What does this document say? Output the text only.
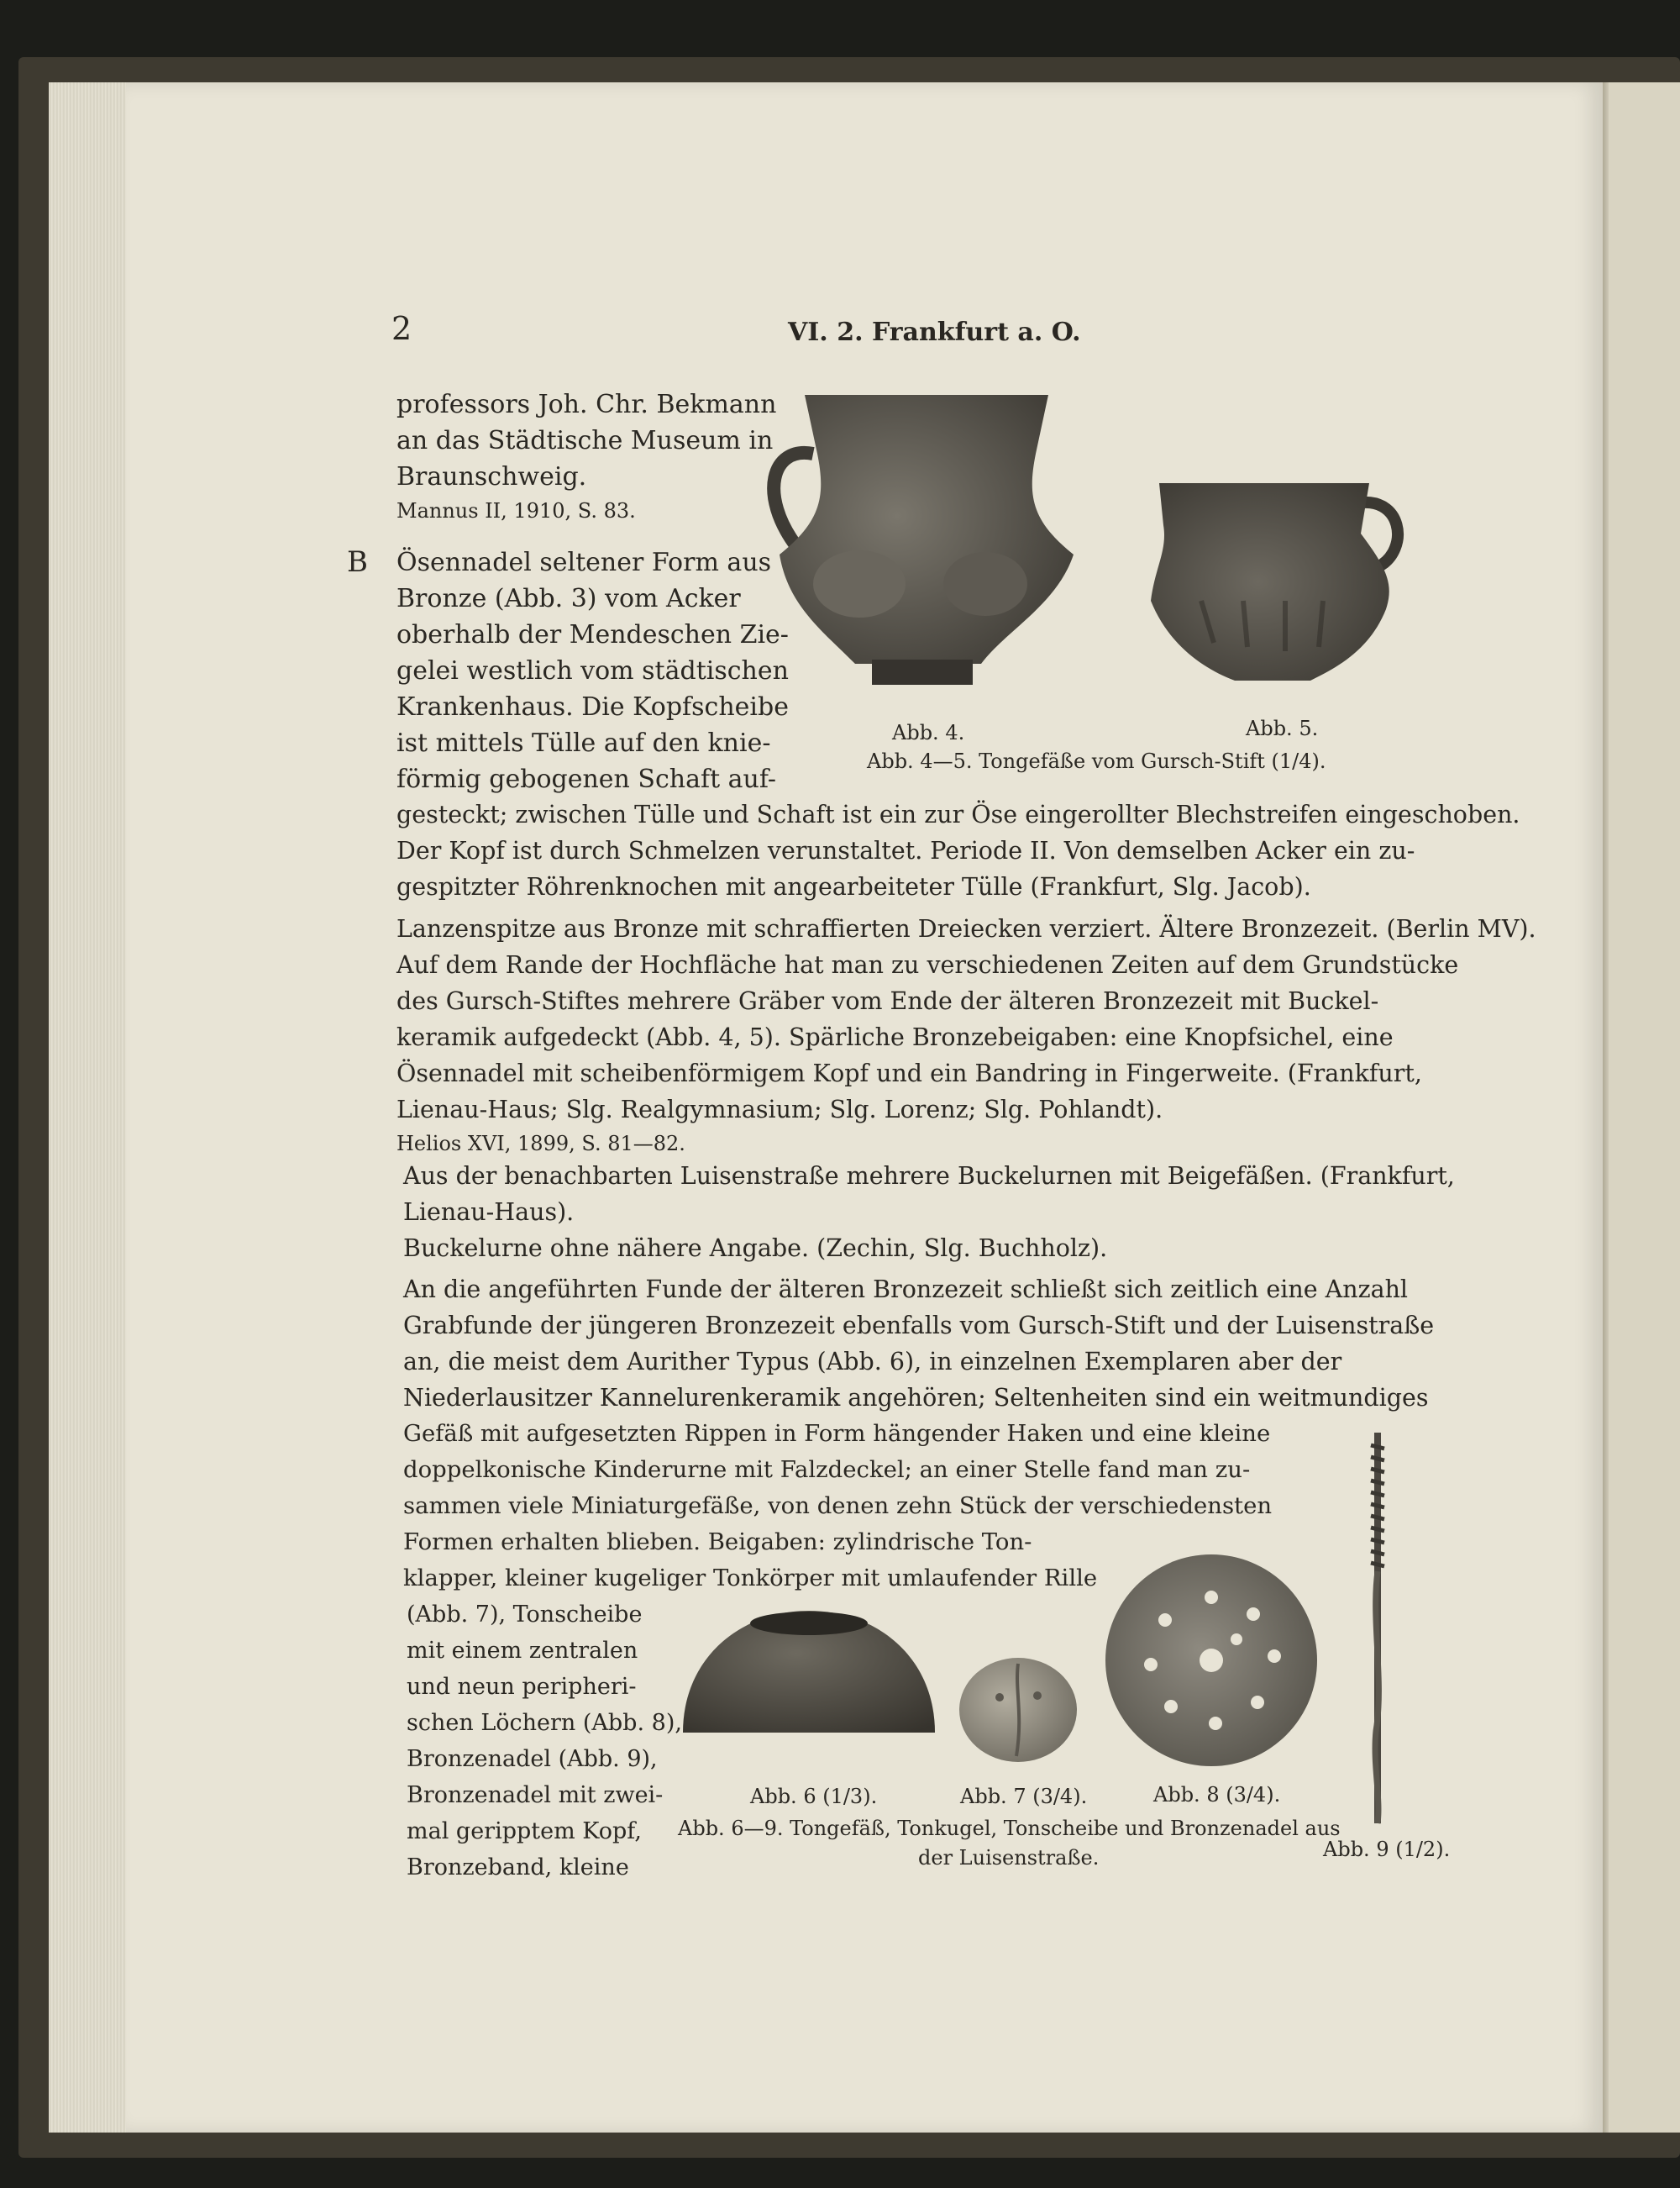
2	VI. 2. Frankfurt a. O.
B
professors Joh. Chr. Bekmann
an das Städtische Museum in
Braunschweig.
Mannus II, 1910, S. 83.
Ösennadel seltener Form aus
Bronze (Abb. 3) vom Acker
oberhalb der Mendeschen Zie-
gelei westlich vom städtischen
Krankenhaus. Die Kopfscheibe
ist mittels Tülle auf den knie-
förmig gebogenen Schaft auf-
gesteckt; zwischen Tülle und Schaft ist ein zur Öse eingerollter Blechstreifen eingeschoben.
Der Kopf ist durch Schmelzen verunstaltet. Periode II. Von demselben Acker ein zu-
gespitzter Röhrenknochen mit angearbeiteter Tülle (Frankfurt, Slg. Jacob).
Lanzenspitze aus Bronze mit schraffierten Dreiecken verziert. Ältere Bronzezeit. (Berlin MV).
Auf dem Rande der Hochfläche hat man zu verschiedenen Zeiten auf dem Grundstücke
des Gursch-Stiftes mehrere Gräber vom Ende der älteren Bronzezeit mit Buckel-
keramik aufgedeckt (Abb. 4, 5). Spärliche Bronzebeigaben: eine Knopfsichel, eine
Ösennadel mit scheibenförmigem Kopf und ein Bandring in Fingerweite. (Frankfurt,
Lienau-Haus; Slg. Realgymnasium; Slg. Lorenz; Slg. Pohlandt).
Helios XVI, 1899, S. 81—82.
Aus der benachbarten Luisenstraße mehrere Buckelurnen mit Beigefäßen. (Frankfurt,
Lienau-Haus).
Buckelurne ohne nähere Angabe. (Zechin, Slg. Buchholz).
An die angeführten Funde der älteren Bronzezeit schließt sich zeitlich eine Anzahl
Grabfunde der jüngeren Bronzezeit ebenfalls vom Gursch-Stift und der Luisenstraße
an, die meist dem Aurither Typus (Abb. 6), in einzelnen Exemplaren aber der
Niederlausitzer Kannelurenkeramik angehören; Seltenheiten sind ein weitmundiges
Gefäß mit aufgesetzten Rippen in Form hängender Haken und eine kleine
doppelkonische Kinderurne mit Falzdeckel; an einer Stelle fand man zu-
sammen viele Miniaturgefäße, von denen zehn Stück der verschiedensten
Formen erhalten blieben. Beigaben: zylindrische Ton-
klapper, kleiner kugeliger Tonkörper mit umlaufender Rille
(Abb. 7), Tonscheibe
mit einem zentralen
und neun peripheri-
schen Löchern (Abb. 8),
Bronzenadel (Abb. 9),
Bronzenadel mit zwei-
mal geripptem Kopf,
Bronzeband, kleine
Abb. 4.	Abb. 5.
Abb. 4—5. Tongefäße vom Gursch-Stift (1/4).
Abb. 6 (1/3).	Abb. 7 (3/4).	Abb. 8 (3/4).
Abb. 6—9. Tongefäß, Tonkugel, Tonscheibe und Bronzenadel aus
der Luisenstraße.	Abb. 9 (1/2).
